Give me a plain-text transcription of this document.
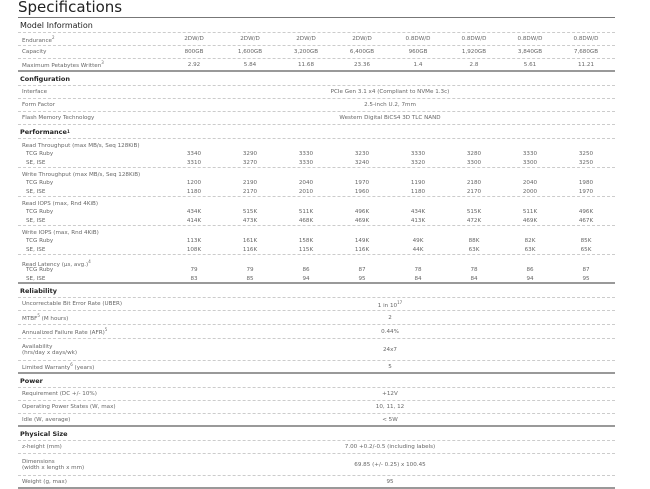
Specifications
Model Information
Endurance$^2$	2DW/D	2DW/D	2DW/D	2DW/D	0.8DW/D	0.8DW/D	0.8DW/D	0.8DW/D
Capacity	800GB	1,600GB	3,200GB	6,400GB	960GB	1,920GB	3,840GB	7,680GB
Maximum Petabytes Written$^3$	2.92	5.84	11.68	23.36	1.4	2.8	5.61	11.21
Configuration
Interface	PCIe Gen 3.1 x4 (Compliant to NVMe 1.3c)
Form Factor	2.5-inch U.2, 7mm
Flash Memory Technology	Western Digital BiCS4 3D TLC NAND
Performance 1
Read Throughput (max MB/s, Seq 128KiB)
TCG Ruby	3340	3290	3330	3230	3330	3280	3330	3250
SE, ISE	3310	3270	3330	3240	3320	3300	3300	3250
Write Throughput (max MB/s, Seq 128KiB)
TCG Ruby	1200	2190	2040	1970	1190	2180	2040	1980
SE, ISE	1180	2170	2010	1960	1180	2170	2000	1970
Read IOPS (max, Rnd 4KiB)
TCG Ruby	434K	515K	511K	496K	434K	515K	511K	496K
SE, ISE	414K	473K	468K	469K	413K	472K	469K	467K
Write IOPS (max, Rnd 4KiB)
TCG Ruby	113K	161K	158K	149K	49K	88K	82K	85K
SE, ISE	108K	116K	115K	116K	44K	63K	63K	65K
Read Latency (µs, avg.)$^4$
TCG Ruby	79	79	86	87	78	78	86	87
SE, ISE	83	85	94	95	84	84	94	95
Reliability
Uncorrectable Bit Error Rate (UBER)	1 in $10^{17}$
MTBF$^5$ (M hours)	2
Annualized Failure Rate (AFR)$^5$	0.44%
Availability
(hrs/day x days/wk)	24x7
Limited Warranty$^6$ (years)	5
Power
Requirement (DC +/- 10%)	+12V
Operating Power States (W, max)	10, 11, 12
Idle (W, average)	< 5W
Physical Size
z-height (mm)	7.00 +0.2/-0.5 (including labels)
Dimensions
(width x length x mm)	69.85 (+/- 0.25) x 100.45
Weight (g, max)	95
